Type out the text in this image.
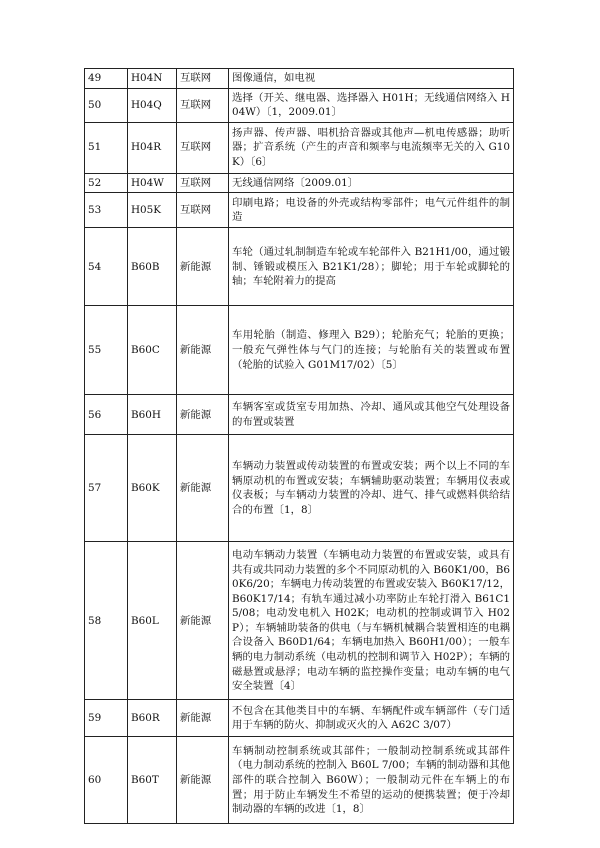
49	H04N	互联网	图像通信，如电视
50	H04Q	互联网	选择（开关、继电器、选择器入 H01H；无线通信网络入 H04W）〔1，2009.01〕
51	H04R	互联网	扬声器、传声器、唱机拾音器或其他声—机电传感器；助听器；扩音系统（产生的声音和频率与电流频率无关的入 G10K）〔6〕
52	H04W	互联网	无线通信网络〔2009.01〕
53	H05K	互联网	印刷电路；电设备的外壳或结构零部件；电气元件组件的制造
54	B60B	新能源	车轮（通过轧制制造车轮或车轮部件入 B21H1/00，通过锻制、锤锻或模压入 B21K1/28）；脚轮；用于车轮或脚轮的轴；车轮附着力的提高
55	B60C	新能源	车用轮胎（制造、修理入 B29）；轮胎充气；轮胎的更换；一般充气弹性体与气门的连接；与轮胎有关的装置或布置（轮胎的试验入 G01M17/02）〔5〕
56	B60H	新能源	车辆客室或货室专用加热、冷却、通风或其他空气处理设备的布置或装置
57	B60K	新能源	车辆动力装置或传动装置的布置或安装；两个以上不同的车辆原动机的布置或安装；车辆辅助驱动装置；车辆用仪表或仪表板；与车辆动力装置的冷却、进气、排气或燃料供给结合的布置〔1，8〕
58	B60L	新能源	电动车辆动力装置（车辆电动力装置的布置或安装，或具有共有或共同动力装置的多个不同原动机的入 B60K1/00，B60K6/20；车辆电力传动装置的布置或安装入 B60K17/12，B60K17/14；有轨车通过减小功率防止车轮打滑入 B61C15/08；电动发电机入 H02K；电动机的控制或调节入 H02P）；车辆辅助装备的供电（与车辆机械耦合装置相连的电耦合设备入 B60D1/64；车辆电加热入 B60H1/00）；一般车辆的电力制动系统（电动机的控制和调节入 H02P）；车辆的磁悬置或悬浮；电动车辆的监控操作变量；电动车辆的电气安全装置〔4〕
59	B60R	新能源	不包含在其他类目中的车辆、车辆配件或车辆部件（专门适用于车辆的防火、抑制或灭火的入 A62C 3/07）
60	B60T	新能源	车辆制动控制系统或其部件；一般制动控制系统或其部件（电力制动系统的控制入 B60L 7/00；车辆的制动器和其他部件的联合控制入 B60W）；一般制动元件在车辆上的布置；用于防止车辆发生不希望的运动的便携装置；便于冷却制动器的车辆的改进〔1，8〕
